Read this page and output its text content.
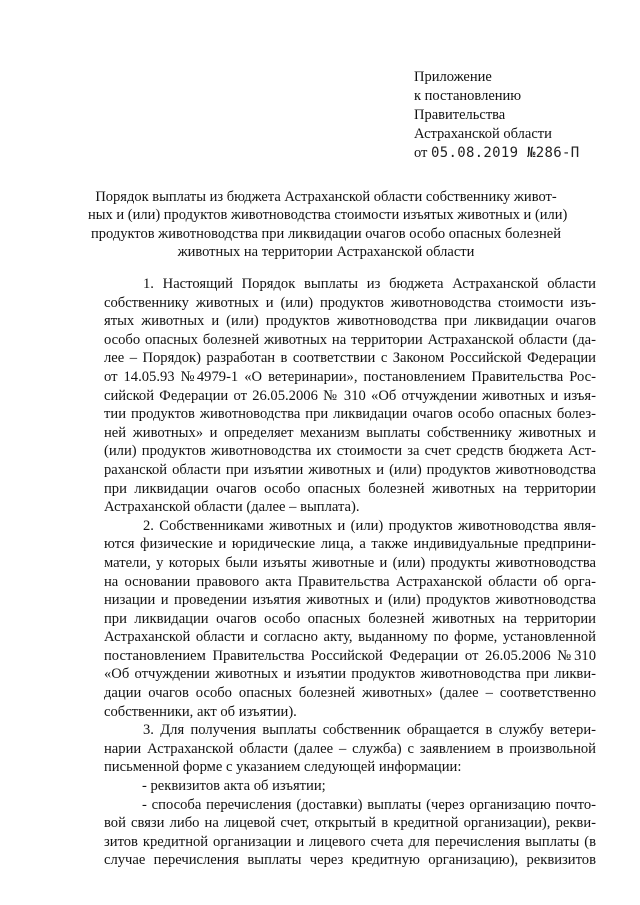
Приложение
к постановлению
Правительства
Астраханской области
от 05.08.2019 №286-П
Порядок выплаты из бюджета Астраханской области собственнику живот-
ных и (или) продуктов животноводства стоимости изъятых животных и (или)
продуктов животноводства при ликвидации очагов особо опасных болезней
животных на территории Астраханской области
1. Настоящий Порядок выплаты из бюджета Астраханской области
собственнику животных и (или) продуктов животноводства стоимости изъ-
ятых животных и (или) продуктов животноводства при ликвидации очагов
особо опасных болезней животных на территории Астраханской области (да-
лее – Порядок) разработан в соответствии с Законом Российской Федерации
от 14.05.93 №4979-1 «О ветеринарии», постановлением Правительства Рос-
сийской Федерации от 26.05.2006 № 310 «Об отчуждении животных и изъя-
тии продуктов животноводства при ликвидации очагов особо опасных болез-
ней животных» и определяет механизм выплаты собственнику животных и
(или) продуктов животноводства их стоимости за счет средств бюджета Аст-
раханской области при изъятии животных и (или) продуктов животноводства
при ликвидации очагов особо опасных болезней животных на территории
Астраханской области (далее – выплата).
2. Собственниками животных и (или) продуктов животноводства явля-
ются физические и юридические лица, а также индивидуальные предприни-
матели, у которых были изъяты животные и (или) продукты животноводства
на основании правового акта Правительства Астраханской области об орга-
низации и проведении изъятия животных и (или) продуктов животноводства
при ликвидации очагов особо опасных болезней животных на территории
Астраханской области и согласно акту, выданному по форме, установленной
постановлением Правительства Российской Федерации от 26.05.2006 №310
«Об отчуждении животных и изъятии продуктов животноводства при ликви-
дации очагов особо опасных болезней животных» (далее – соответственно
собственники, акт об изъятии).
3. Для получения выплаты собственник обращается в службу ветери-
нарии Астраханской области (далее – служба) с заявлением в произвольной
письменной форме с указанием следующей информации:
- реквизитов акта об изъятии;
- способа перечисления (доставки) выплаты (через организацию почто-
вой связи либо на лицевой счет, открытый в кредитной организации), рекви-
зитов кредитной организации и лицевого счета для перечисления выплаты (в
случае перечисления выплаты через кредитную организацию), реквизитов
